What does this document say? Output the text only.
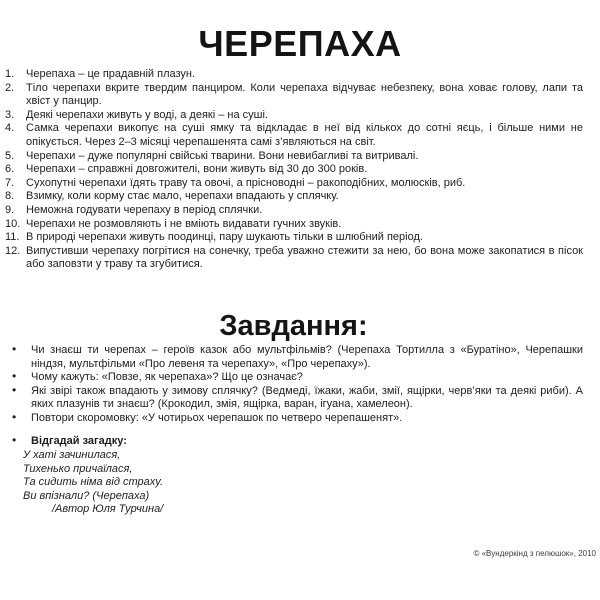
ЧЕРЕПАХА
1. Черепаха – це прадавній плазун.
2. Тіло черепахи вкрите твердим панциром. Коли черепаха відчуває небезпеку, вона ховає голову, лапи та хвіст у панцир.
3. Деякі черепахи живуть у воді, а деякі – на суші.
4. Самка черепахи викопує на суші ямку та відкладає в неї від кількох до сотні яєць, і більше ними не опікується. Через 2–3 місяці черепашенята самі з’являються на світ.
5. Черепахи – дуже популярні свійські тварини. Вони невибагливі та витривалі.
6. Черепахи – справжні довгожителі, вони живуть від 30 до 300 років.
7. Сухопутні черепахи їдять траву та овочі, а прісноводні – ракоподібних, молюсків, риб.
8. Взимку, коли корму стає мало, черепахи впадають у сплячку.
9. Неможна годувати черепаху в період сплячки.
10. Черепахи не розмовляють і не вміють видавати гучних звуків.
11. В природі черепахи живуть поодинці, пару шукають тільки в шлюбний період.
12. Випустивши черепаху погрітися на сонечку, треба уважно стежити за нею, бо вона може закопатися в пісок або заповзти у траву та згубитися.
Завдання:
• Чи знаєш ти черепах – героїв казок або мультфільмів? (Черепаха Тортилла з «Буратіно», Черепашки ніндзя, мультфільми «Про левеня та черепаху», «Про черепаху»).
• Чому кажуть: «Повзе, як черепаха»? Що це означає?
• Які звірі також впадають у зимову сплячку? (Ведмеді, їжаки, жаби, змії, ящірки, черв’яки та деякі риби). А яких плазунів ти знаєш? (Крокодил, змія, ящірка, варан, ігуана, хамелеон).
• Повтори скоромовку: «У чотирьох черепашок по четверо черепашенят».
• Відгадай загадку:
У хаті зачинилася,
Тихенько причаїлася,
Та сидить німа від страху.
Ви впізнали? (Черепаха)
/Автор Юля Турчина/
© «Вундеркінд з пелюшок», 2010
